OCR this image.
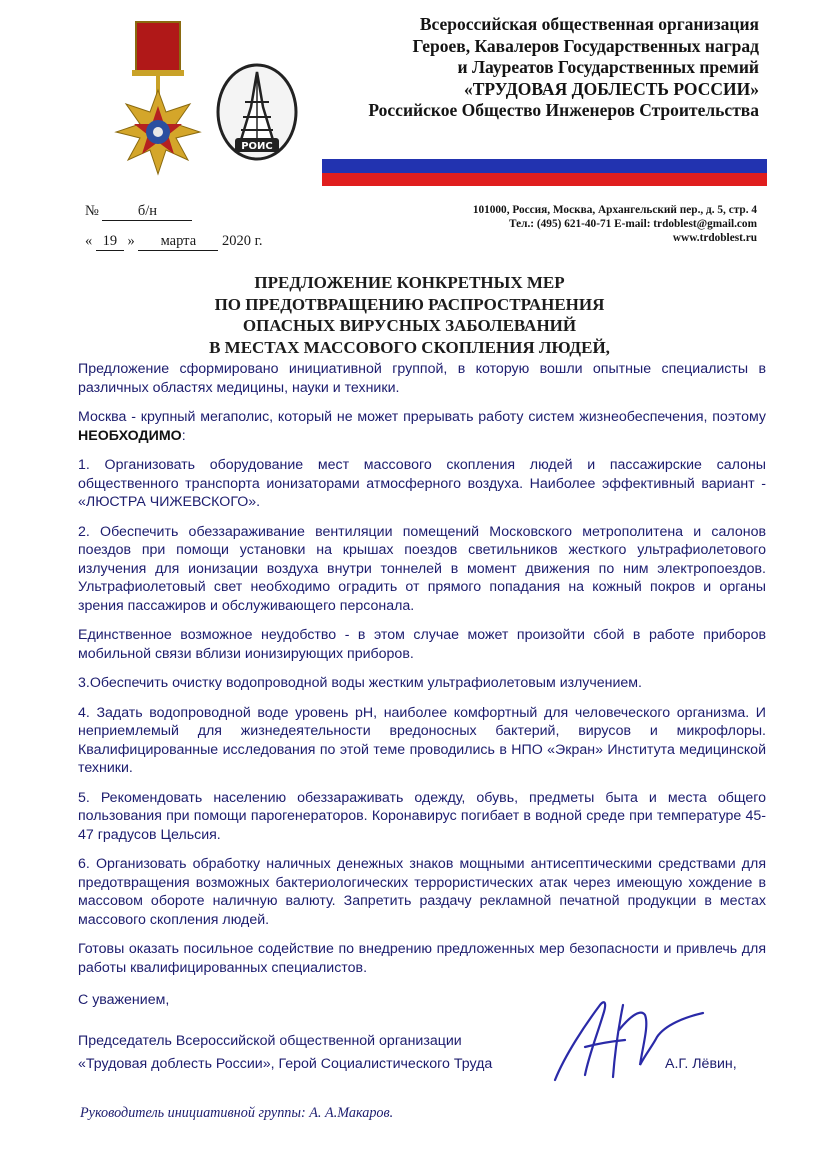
РОИС
Всероссийская общественная организация
Героев, Кавалеров Государственных наград
и Лауреатов Государственных премий
«ТРУДОВАЯ ДОБЛЕСТЬ РОССИИ»
Российское Общество Инженеров Строительства
№	б/н
« 19 » марта 2020 г.
101000, Россия, Москва, Архангельский пер., д. 5, стр. 4
Тел.: (495) 621-40-71 E-mail: trdoblest@gmail.com
www.trdoblest.ru
ПРЕДЛОЖЕНИЕ КОНКРЕТНЫХ МЕР
ПО ПРЕДОТВРАЩЕНИЮ РАСПРОСТРАНЕНИЯ
ОПАСНЫХ ВИРУСНЫХ ЗАБОЛЕВАНИЙ
В МЕСТАХ МАССОВОГО СКОПЛЕНИЯ ЛЮДЕЙ,

Предложение сформировано инициативной группой, в которую вошли опытные специалисты в различных областях медицины, науки и техники.

Москва - крупный мегаполис, который не может прерывать работу систем жизнеобеспечения, поэтому НЕОБХОДИМО:

1. Организовать оборудование мест массового скопления людей и пассажирские салоны общественного транспорта ионизаторами атмосферного воздуха. Наиболее эффективный вариант - «ЛЮСТРА ЧИЖЕВСКОГО».

2. Обеспечить обеззараживание вентиляции помещений Московского метрополитена и салонов поездов при помощи установки на крышах поездов светильников жесткого ультрафиолетового излучения для ионизации воздуха внутри тоннелей в момент движения по ним электропоездов. Ультрафиолетовый свет необходимо оградить от прямого попадания на кожный покров и органы зрения пассажиров и обслуживающего персонала.

Единственное возможное неудобство - в этом случае может произойти сбой в работе приборов мобильной связи вблизи ионизирующих приборов.

3.Обеспечить очистку водопроводной воды жестким ультрафиолетовым излучением.

4. Задать водопроводной воде уровень pH, наиболее комфортный для человеческого организма. И неприемлемый для жизнедеятельности вредоносных бактерий, вирусов и микрофлоры. Квалифицированные исследования по этой теме проводились в НПО «Экран» Института медицинской техники.

5. Рекомендовать населению обеззараживать одежду, обувь, предметы быта и места общего пользования при помощи парогенераторов. Коронавирус погибает в водной среде при температуре 45-47 градусов Цельсия.

6. Организовать обработку наличных денежных знаков мощными антисептическими средствами для предотвращения возможных бактериологических террористических атак через имеющую хождение в массовом обороте наличную валюту. Запретить раздачу рекламной печатной продукции в местах массового скопления людей.

Готовы оказать посильное содействие по внедрению предложенных мер безопасности и привлечь для работы квалифицированных специалистов.

С уважением,
Председатель Всероссийской общественной организации
«Трудовая доблесть России», Герой Социалистического Труда	А.Г. Лёвин,
Руководитель инициативной группы: А. А.Макаров.
